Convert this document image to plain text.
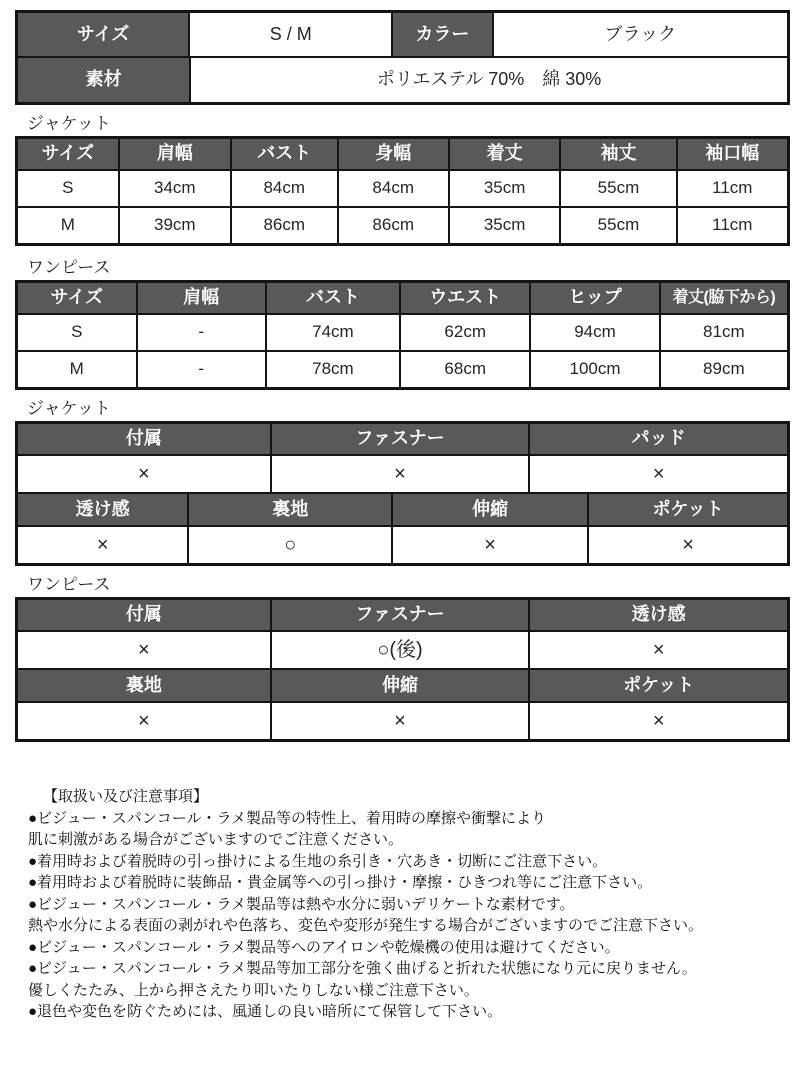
サイズ	S / M	カラー	ブラック
素材	ポリエステル 70%　綿 30%
ジャケット
サイズ	肩幅	バスト	身幅	着丈	袖丈	袖口幅
S	34cm	84cm	84cm	35cm	55cm	11cm
M	39cm	86cm	86cm	35cm	55cm	11cm
ワンピース
サイズ	肩幅	バスト	ウエスト	ヒップ	着丈(脇下から)
S	-	74cm	62cm	94cm	81cm
M	-	78cm	68cm	100cm	89cm
ジャケット
付属	ファスナー	パッド
×	×	×
透け感	裏地	伸縮	ポケット
×	○	×	×
ワンピース
付属	ファスナー	透け感
×	○(後)	×
裏地	伸縮	ポケット
×	×	×
【取扱い及び注意事項】
●ビジュー・スパンコール・ラメ製品等の特性上、着用時の摩擦や衝撃により
肌に刺激がある場合がございますのでご注意ください。
●着用時および着脱時の引っ掛けによる生地の糸引き・穴あき・切断にご注意下さい。
●着用時および着脱時に装飾品・貴金属等への引っ掛け・摩擦・ひきつれ等にご注意下さい。
●ビジュー・スパンコール・ラメ製品等は熱や水分に弱いデリケートな素材です。
熱や水分による表面の剥がれや色落ち、変色や変形が発生する場合がございますのでご注意下さい。
●ビジュー・スパンコール・ラメ製品等へのアイロンや乾燥機の使用は避けてください。
●ビジュー・スパンコール・ラメ製品等加工部分を強く曲げると折れた状態になり元に戻りません。
優しくたたみ、上から押さえたり叩いたりしない様ご注意下さい。
●退色や変色を防ぐためには、風通しの良い暗所にて保管して下さい。
